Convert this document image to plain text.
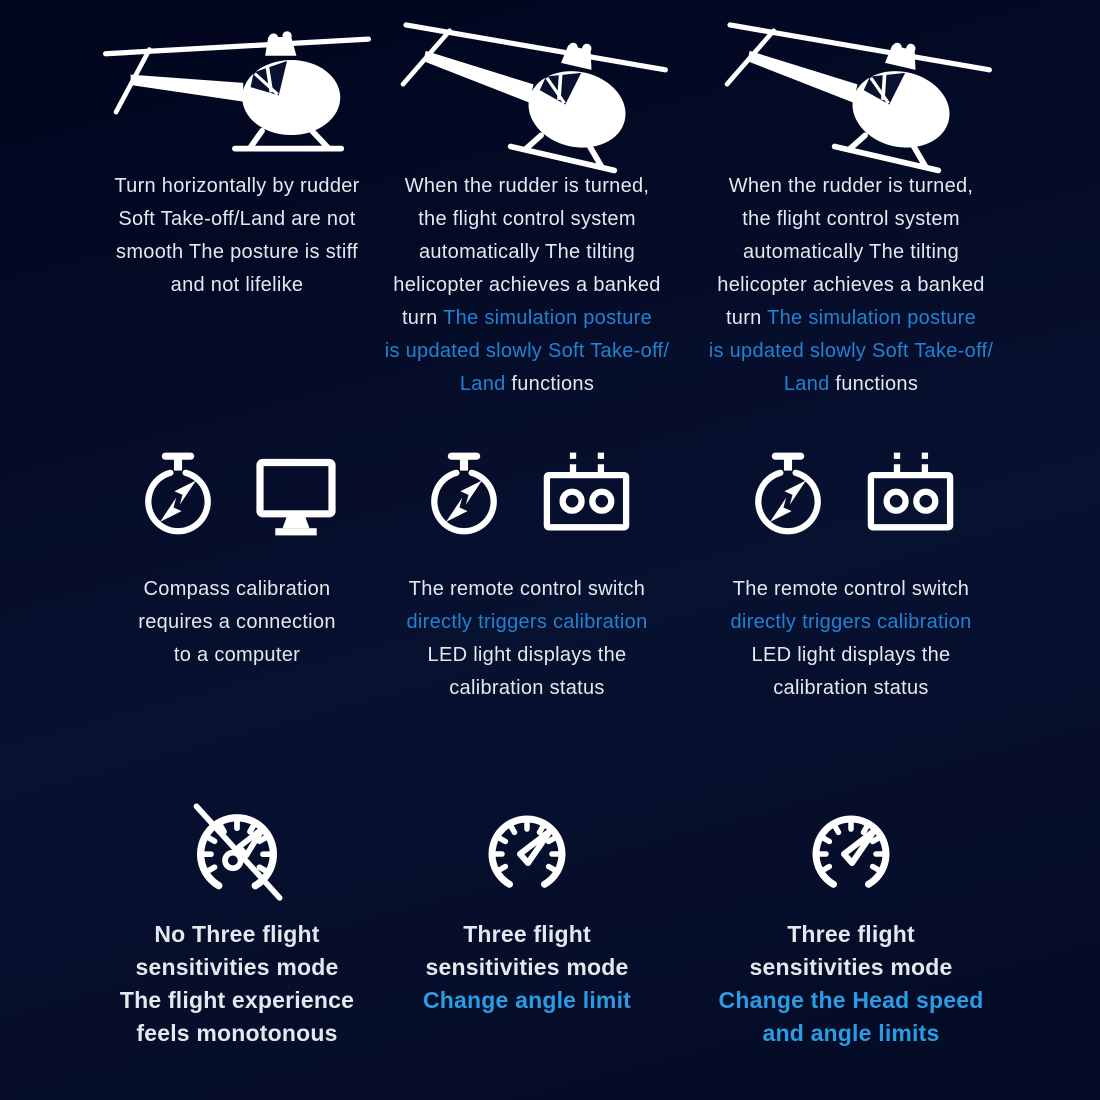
Turn horizontally by rudder
Soft Take-off/Land are not
smooth The posture is stiff
and not lifelike
Compass calibration
requires a connection
to a computer
No Three flight
sensitivities mode
The flight experience
feels monotonous
When the rudder is turned,
the flight control system
automatically The tilting
helicopter achieves a banked
turn The simulation posture
is updated slowly Soft Take-off/
Land functions
The remote control switch
directly triggers calibration
LED light displays the
calibration status
Three flight
sensitivities mode
Change angle limit
When the rudder is turned,
the flight control system
automatically The tilting
helicopter achieves a banked
turn The simulation posture
is updated slowly Soft Take-off/
Land functions
The remote control switch
directly triggers calibration
LED light displays the
calibration status
Three flight
sensitivities mode
Change the Head speed
and angle limits
